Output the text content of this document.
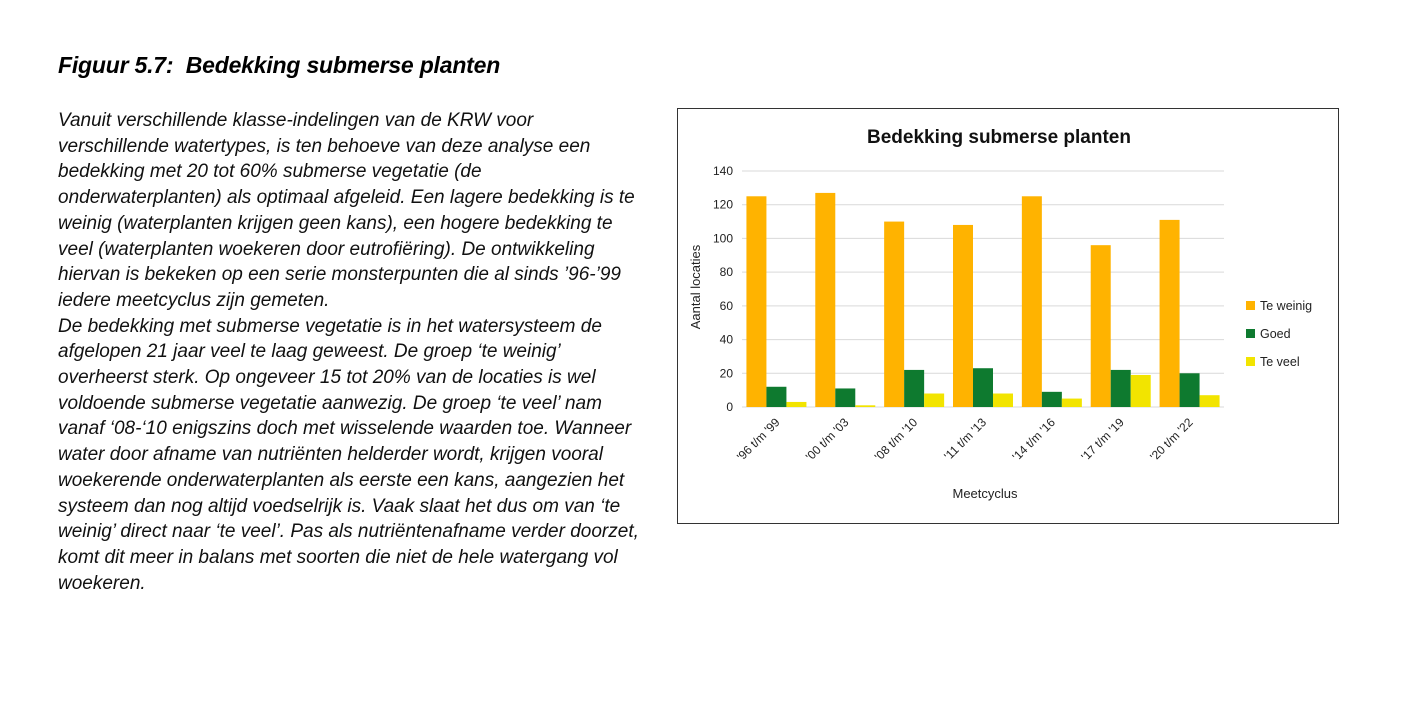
Figuur 5.7:  Bedekking submerse planten

Vanuit verschillende klasse-indelingen van de KRW voor verschillende watertypes, is ten behoeve van deze analyse een bedekking met 20 tot 60% submerse vegetatie (de onderwaterplanten) als optimaal afgeleid. Een lagere bedekking is te weinig (waterplanten krijgen geen kans), een hogere bedekking te veel (waterplanten woekeren door eutrofiëring). De ontwikkeling hiervan is bekeken op een serie monsterpunten die al sinds ’96-’99 iedere meetcyclus zijn gemeten.

De bedekking met submerse vegetatie is in het watersysteem de afgelopen 21 jaar veel te laag geweest. De groep ‘te weinig’ overheerst sterk. Op ongeveer 15 tot 20% van de locaties is wel voldoende submerse vegetatie aanwezig. De groep ‘te veel’ nam vanaf ‘08-‘10 enigszins doch met wisselende waarden toe. Wanneer water door afname van nutriënten helderder wordt, krijgen vooral woekerende onderwaterplanten als eerste een kans, aangezien het systeem dan nog altijd voedselrijk is. Vaak slaat het dus om van ‘te weinig’ direct naar ‘te veel’. Pas als nutriëntenafname verder doorzet, komt dit meer in balans met soorten die niet de hele watergang vol woekeren.

Bedekking submerse planten
0
20
40
60
80
100
120
140
'96 t/m '99 '00 t/m '03 '08 t/m '10 '11 t/m '13 '14 t/m '16 '17 t/m '19 '20 t/m '22
Aantal locaties
Meetcyclus
Te weinig
Goed
Te veel
